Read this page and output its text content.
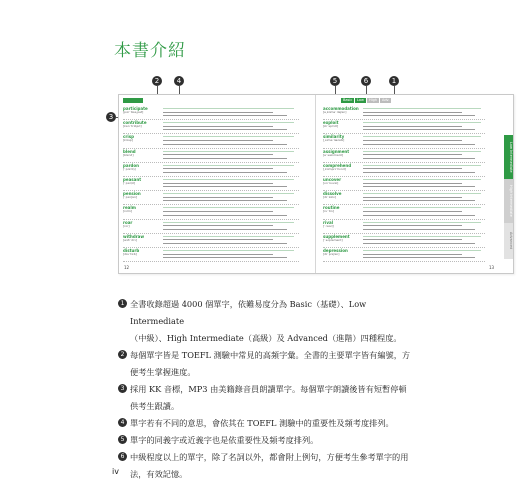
本書介紹
2	4	5	6	1
3
12	13
Basic	Low	High	Adv.
participate
[pɑrˋtɪsə͵pet]
contribute
[kənˋtrɪbjut]
crisp
[krɪsp]
blend
[blɛnd]
pardon
[ˋpɑrdṇ]
peasant
[ˋpɛzṇt]
pension
[ˋpɛnʃən]
realm
[rɛlm]
roar
[ror]
withdraw
[wɪðˋdrɔ]
disturb
[dɪsˋtɝb]
accommodation
[ə͵kɑməˋdeʃən]
exploit
[ɪkˋsplɔɪt]
similarity
[͵sɪməˋlærətɪ]
assignment
[əˋsaɪnmənt]
comprehend
[͵kɑmprɪˋhɛnd]
uncover
[ʌnˋkʌvɚ]
dissolve
[dɪˋzɑlv]
routine
[ruˋtin]
rival
[ˋraɪvḷ]
supplement
[ˋsʌpləmənt]
depression
[dɪˋprɛʃən]
Low Intermediate
High Intermediate
Advanced
1 全書收錄超過 4000 個單字，依難易度分為 Basic（基礎）、Low Intermediate
（中級）、High Intermediate（高級）及 Advanced（進階）四種程度。
2 每個單字皆是 TOEFL 測驗中常見的高頻字彙。全書的主要單字皆有編號，方
便考生掌握進度。
3 採用 KK 音標，MP3 由美籍錄音員朗讀單字。每個單字朗讀後皆有短暫停頓
供考生跟讀。
4 單字若有不同的意思，會依其在 TOEFL 測驗中的重要性及頻考度排列。
5 單字的同義字或近義字也是依重要性及頻考度排列。
6 中級程度以上的單字，除了名詞以外，都會附上例句，方便考生參考單字的用
法，有效記憶。
iv
